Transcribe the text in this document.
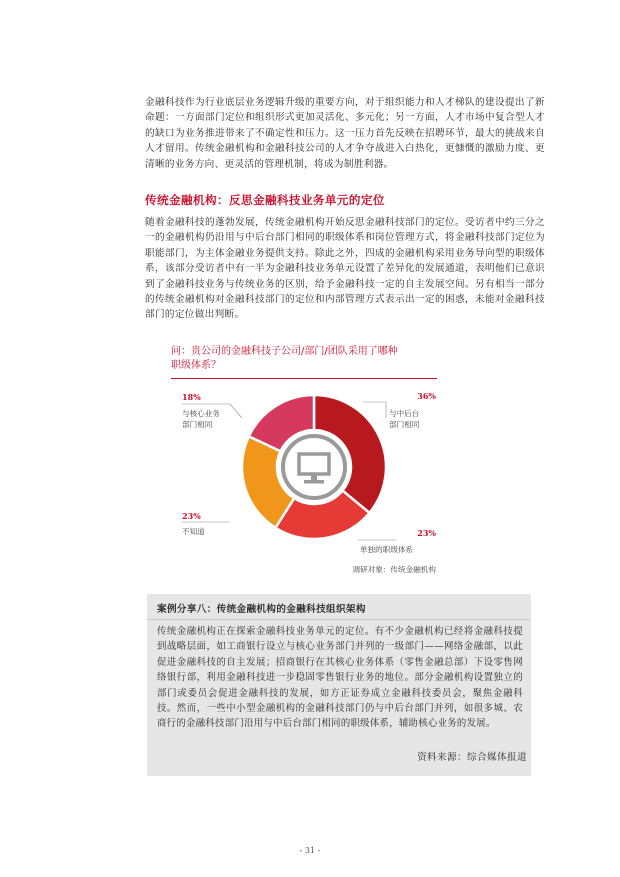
金融科技作为行业底层业务逻辑升级的重要方向，对于组织能力和人才梯队的建设提出了新命题：一方面部门定位和组织形式更加灵活化、多元化；另一方面，人才市场中复合型人才的缺口为业务推进带来了不确定性和压力。这一压力首先反映在招聘环节，最大的挑战来自人才留用。传统金融机构和金融科技公司的人才争夺战进入白热化，更慷慨的激励力度、更清晰的业务方向、更灵活的管理机制，将成为制胜利器。

传统金融机构：反思金融科技业务单元的定位

随着金融科技的蓬勃发展，传统金融机构开始反思金融科技部门的定位。受访者中约三分之一的金融机构仍沿用与中后台部门相同的职级体系和岗位管理方式，将金融科技部门定位为职能部门，为主体金融业务提供支持。除此之外，四成的金融机构采用业务导向型的职级体系，该部分受访者中有一半为金融科技业务单元设置了差异化的发展通道，表明他们已意识到了金融科技业务与传统业务的区别，给予金融科技一定的自主发展空间。另有相当一部分的传统金融机构对金融科技部门的定位和内部管理方式表示出一定的困惑，未能对金融科技部门的定位做出判断。

问：贵公司的金融科技子公司/部门/团队采用了哪种职级体系？

36%
23%
单独的职级体系
23%
不知道
18%
与核心业务
部门相同
与中后台
部门相同
调研对象：传统金融机构
案例分享八：传统金融机构的金融科技组织架构

传统金融机构正在探索金融科技业务单元的定位。有不少金融机构已经将金融科技提到战略层面，如工商银行设立与核心业务部门并列的一级部门——网络金融部，以此促进金融科技的自主发展；招商银行在其核心业务体系（零售金融总部）下设零售网络银行部，利用金融科技进一步稳固零售银行业务的地位。部分金融机构设置独立的部门或委员会促进金融科技的发展，如方正证券成立金融科技委员会，聚焦金融科技。然而，一些中小型金融机构的金融科技部门仍与中后台部门并列，如很多城、农商行的金融科技部门沿用与中后台部门相同的职级体系，辅助核心业务的发展。

资料来源：综合媒体报道

- 31 -
